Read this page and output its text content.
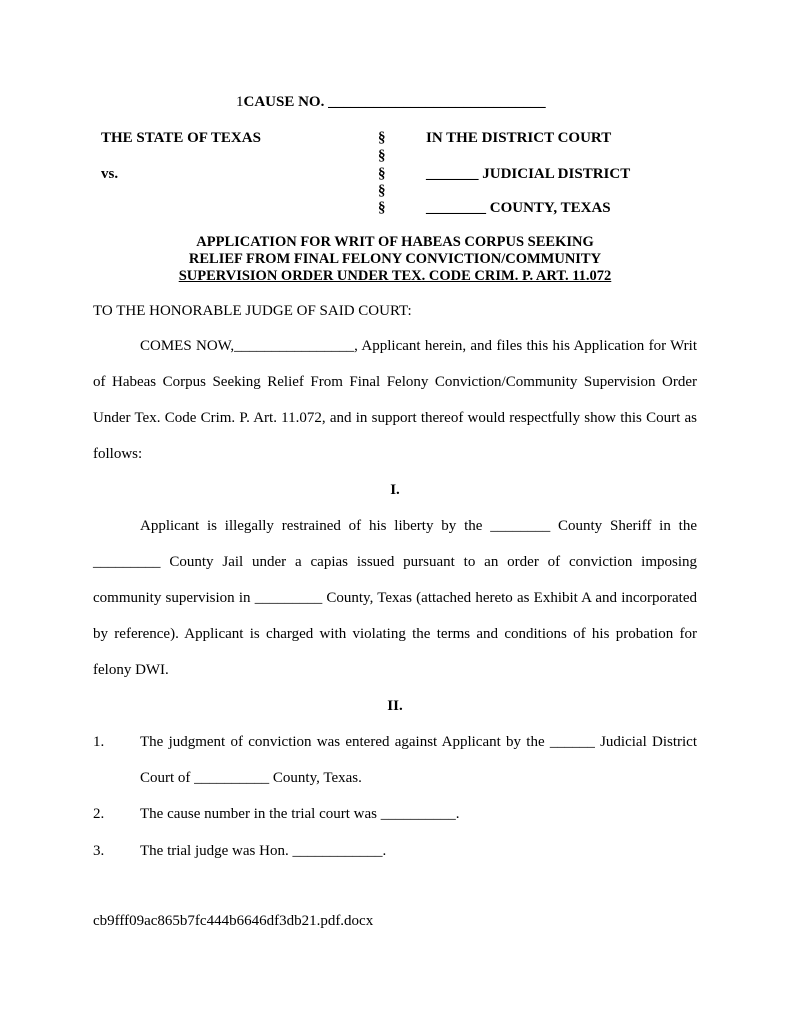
1CAUSE NO. _____________________________
THE STATE OF TEXAS
vs.
§
§
§
§
§
IN THE DISTRICT COURT
_______ JUDICIAL DISTRICT
________ COUNTY, TEXAS
APPLICATION FOR WRIT OF HABEAS CORPUS SEEKING
RELIEF FROM FINAL FELONY CONVICTION/COMMUNITY
SUPERVISION ORDER UNDER TEX. CODE CRIM. P. ART. 11.072
TO THE HONORABLE JUDGE OF SAID COURT:

COMES NOW,________________, Applicant herein, and files this his Application for Writ of Habeas Corpus Seeking Relief From Final Felony Conviction/Community Supervision Order Under Tex. Code Crim. P. Art. 11.072, and in support thereof would respectfully show this Court as follows:

I.

Applicant is illegally restrained of his liberty by the ________ County Sheriff in the _________ County Jail under a capias issued pursuant to an order of conviction imposing community supervision in _________ County, Texas (attached hereto as Exhibit A and incorporated by reference). Applicant is charged with violating the terms and conditions of his probation for felony DWI.

II.
1. The judgment of conviction was entered against Applicant by the ______ Judicial District Court of __________ County, Texas.
2. The cause number in the trial court was __________.
3. The trial judge was Hon. ____________.
cb9fff09ac865b7fc444b6646df3db21.pdf.docx
